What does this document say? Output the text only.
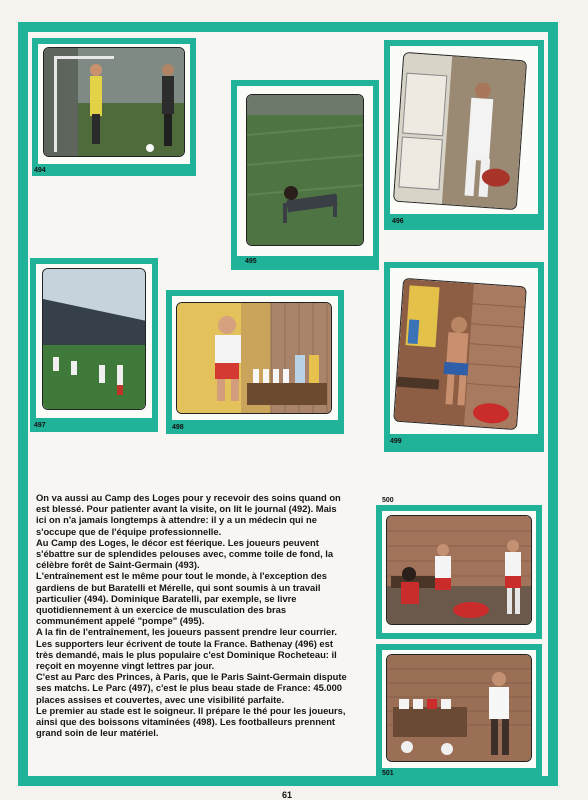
494
495
496
497	498
499
500
501

On va aussi au Camp des Loges pour y recevoir des soins quand on est blessé. Pour patienter avant la visite, on lit le journal (492). Mais ici on n'a jamais longtemps à attendre: il y a un médecin qui ne s'occupe que de l'équipe professionnelle.

Au Camp des Loges, le décor est féerique. Les joueurs peuvent s'ébattre sur de splendides pelouses avec, comme toile de fond, la célèbre forêt de Saint-Germain (493).

L'entraînement est le même pour tout le monde, à l'exception des gardiens de but Baratelli et Mérelle, qui sont soumis à un travail particulier (494). Dominique Baratelli, par exemple, se livre quotidiennement à un exercice de musculation des bras communément appelé "pompe" (495).

A la fin de l'entraînement, les joueurs passent prendre leur courrier. Les supporters leur écrivent de toute la France. Bathenay (496) est très demandé, mais le plus populaire c'est Dominique Rocheteau: il reçoit en moyenne vingt lettres par jour.

C'est au Parc des Princes, à Paris, que le Paris Saint-Germain dispute ses matchs. Le Parc (497), c'est le plus beau stade de France: 45.000 places assises et couvertes, avec une visibilité parfaite.

Le premier au stade est le soigneur. Il prépare le thé pour les joueurs, ainsi que des boissons vitaminées (498). Les footballeurs prennent grand soin de leur matériel.

61
